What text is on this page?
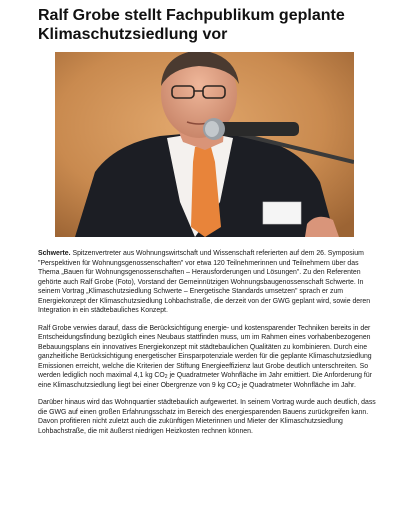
Ralf Grobe stellt Fachpublikum geplante
Klimaschutzsiedlung vor

Schwerte. Spitzenvertreter aus Wohnungswirtschaft und Wissenschaft referierten auf dem 26. Symposium "Perspektiven für Wohnungsgenossenschaften" vor etwa 120 Teilnehmerinnen und Teilnehmern über das Thema „Bauen für Wohnungsgenossenschaften – Herausforderungen und Lösungen". Zu den Referenten gehörte auch Ralf Grobe (Foto), Vorstand der Gemeinnützigen Wohnungsbaugenossenschaft Schwerte. In seinem Vortrag „Klimaschutzsiedlung Schwerte – Energetische Standards umsetzen" sprach er zum Energiekonzept der Klimaschutzsiedlung Lohbachstraße, die derzeit von der GWG geplant wird, sowie deren Integration in ein städtebauliches Konzept.

Ralf Grobe verwies darauf, dass die Berücksichtigung energie- und kostensparender Techniken bereits in der Entscheidungsfindung bezüglich eines Neubaus stattfinden muss, um im Rahmen eines vorhabenbezogenen Bebauungsplans ein innovatives Energiekonzept mit städtebaulichen Qualitäten zu kombinieren. Durch eine ganzheitliche Berücksichtigung energetischer Einsparpotenziale werden für die geplante Klimaschutzsiedlung Emissionen erreicht, welche die Kriterien der Stiftung Energieeffizienz laut Grobe deutlich unterschreiten. So werden lediglich noch maximal 4,1 kg $CO_2$ je Quadratmeter Wohnfläche im Jahr emittiert. Die Anforderung für eine Klimaschutzsiedlung liegt bei einer Obergrenze von 9 kg $CO_2$ je Quadratmeter Wohnfläche im Jahr.

Darüber hinaus wird das Wohnquartier städtebaulich aufgewertet. In seinem Vortrag wurde auch deutlich, dass die GWG auf einen großen Erfahrungsschatz im Bereich des energiesparenden Bauens zurückgreifen kann. Davon profitieren nicht zuletzt auch die zukünftigen Mieterinnen und Mieter der Klimaschutzsiedlung Lohbachstraße, die mit äußerst niedrigen Heizkosten rechnen können.
